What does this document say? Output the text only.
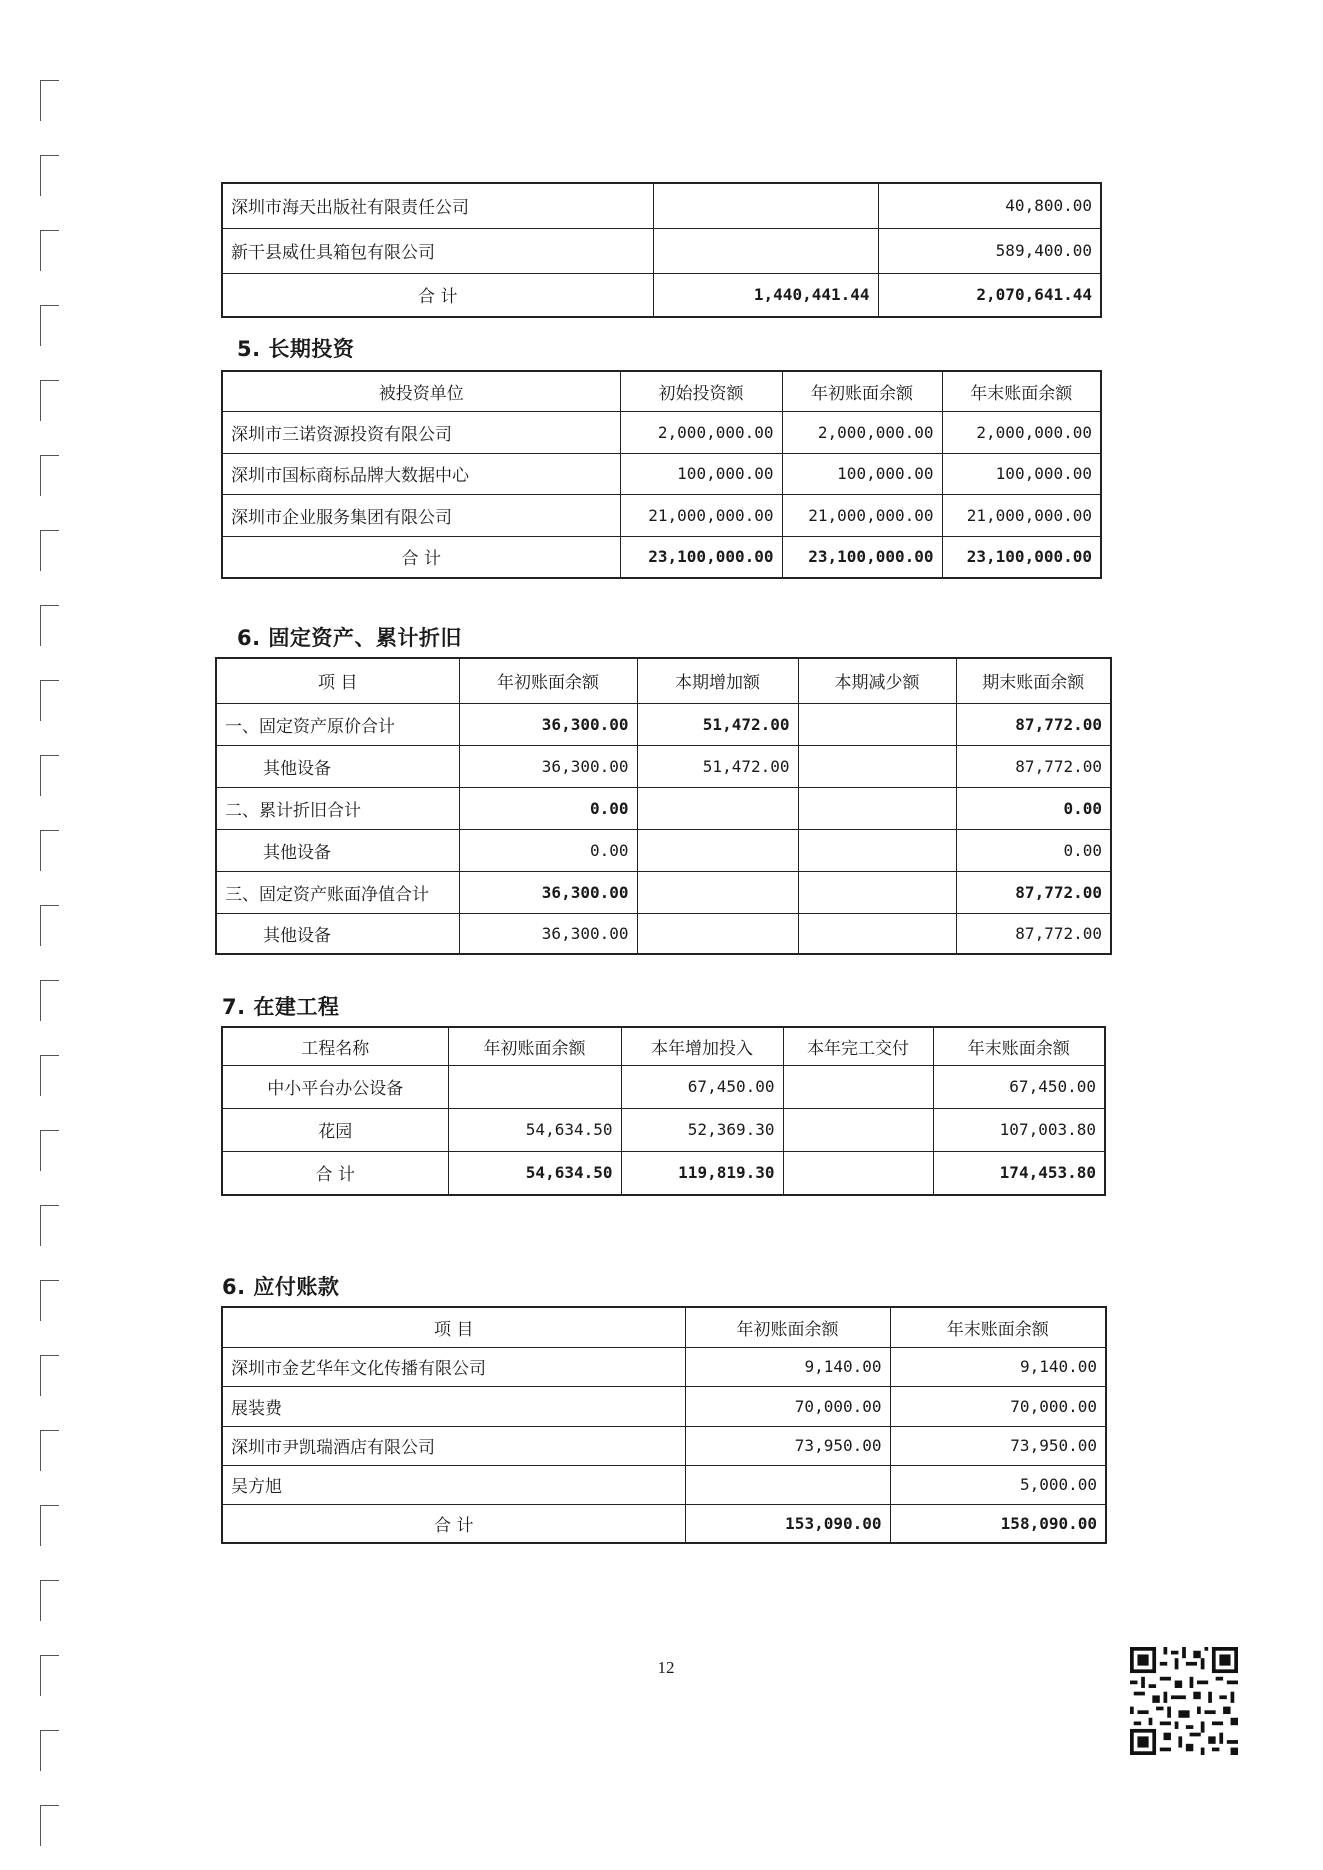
深圳市海天出版社有限责任公司		40,800.00
新干县威仕具箱包有限公司		589,400.00
合 计	1,440,441.44	2,070,641.44
5. 长期投资
被投资单位	初始投资额	年初账面余额	年末账面余额
深圳市三诺资源投资有限公司	2,000,000.00	2,000,000.00	2,000,000.00
深圳市国标商标品牌大数据中心	100,000.00	100,000.00	100,000.00
深圳市企业服务集团有限公司	21,000,000.00	21,000,000.00	21,000,000.00
合 计	23,100,000.00	23,100,000.00	23,100,000.00
6. 固定资产、累计折旧
项 目	年初账面余额	本期增加额	本期减少额	期末账面余额
一、固定资产原价合计	36,300.00	51,472.00		87,772.00
其他设备	36,300.00	51,472.00		87,772.00
二、累计折旧合计	0.00			0.00
其他设备	0.00			0.00
三、固定资产账面净值合计	36,300.00			87,772.00
其他设备	36,300.00			87,772.00
7. 在建工程
工程名称	年初账面余额	本年增加投入	本年完工交付	年末账面余额
中小平台办公设备		67,450.00		67,450.00
花园	54,634.50	52,369.30		107,003.80
合 计	54,634.50	119,819.30		174,453.80
6. 应付账款
项 目	年初账面余额	年末账面余额
深圳市金艺华年文化传播有限公司	9,140.00	9,140.00
展装费	70,000.00	70,000.00
深圳市尹凯瑞酒店有限公司	73,950.00	73,950.00
吴方旭		5,000.00
合 计	153,090.00	158,090.00
12
